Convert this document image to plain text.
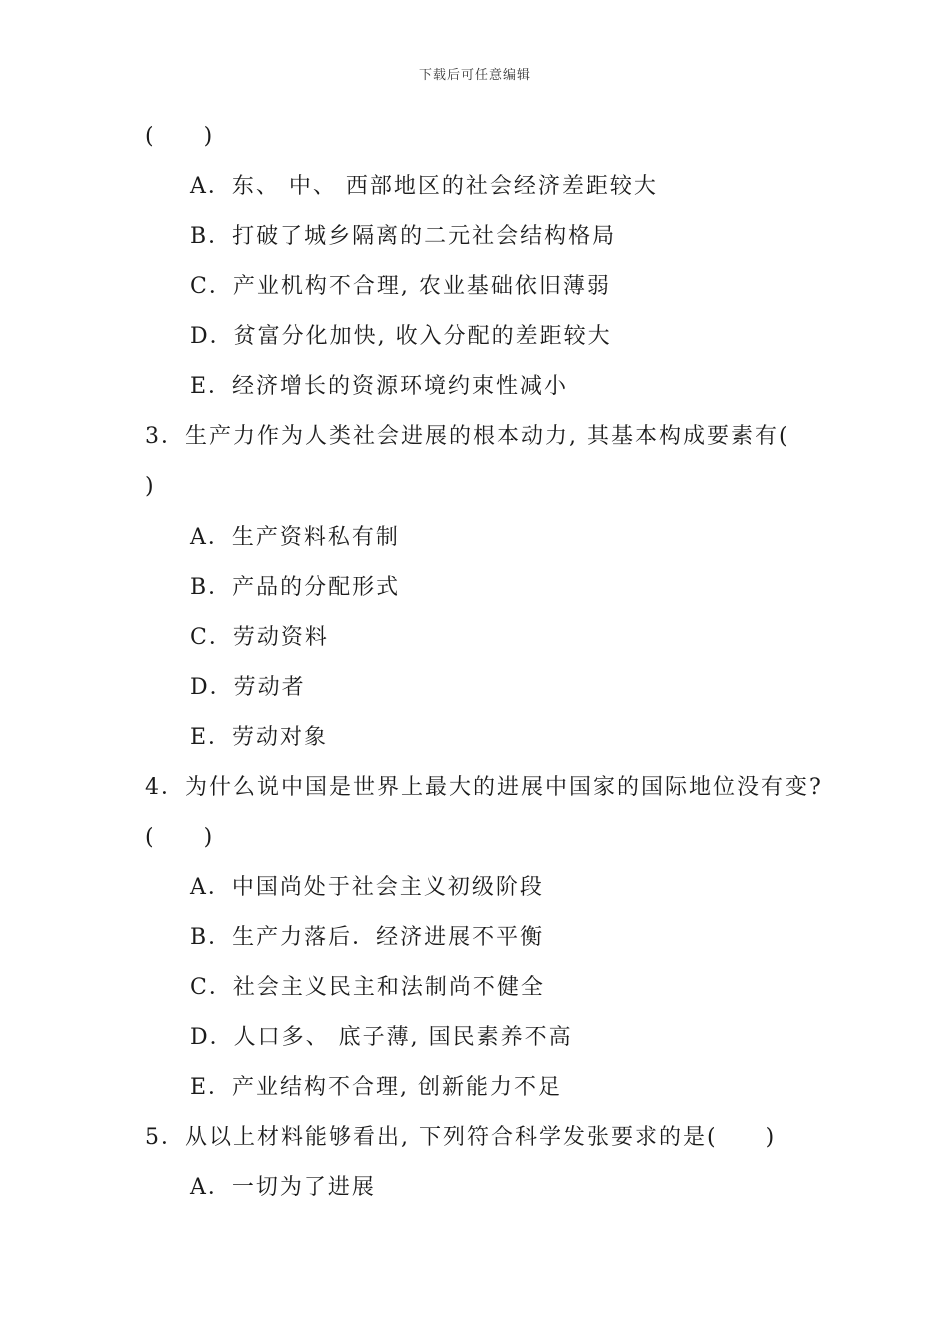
下载后可任意编辑
(　　)
A．东、 中、 西部地区的社会经济差距较大
B．打破了城乡隔离的二元社会结构格局
C．产业机构不合理, 农业基础依旧薄弱
D．贫富分化加快, 收入分配的差距较大
E．经济增长的资源环境约束性减小
3．生产力作为人类社会进展的根本动力, 其基本构成要素有(
)
A．生产资料私有制
B．产品的分配形式
C．劳动资料
D．劳动者
E．劳动对象
4．为什么说中国是世界上最大的进展中国家的国际地位没有变?
(　　)
A．中国尚处于社会主义初级阶段
B．生产力落后．经济进展不平衡
C．社会主义民主和法制尚不健全
D．人口多、 底子薄, 国民素养不高
E．产业结构不合理, 创新能力不足
5．从以上材料能够看出, 下列符合科学发张要求的是(　　)
A．一切为了进展
